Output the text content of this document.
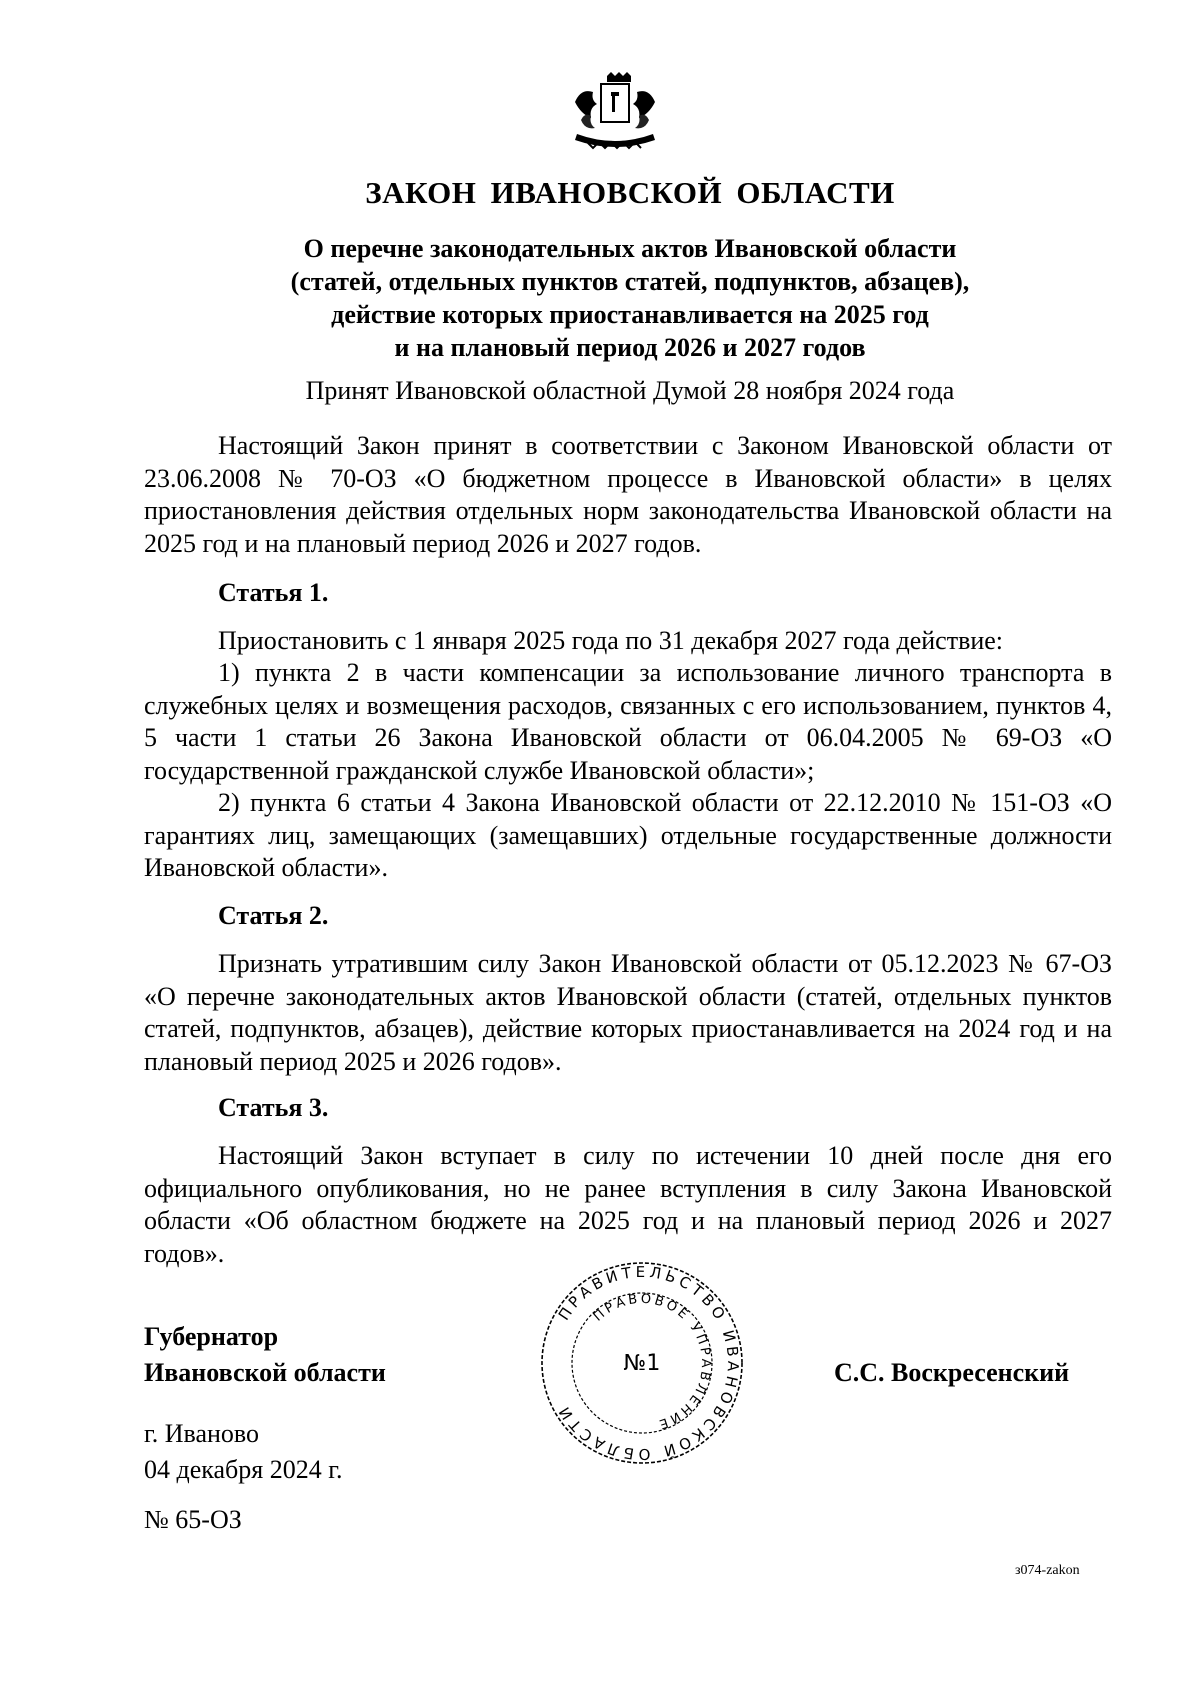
ЗАКОН ИВАНОВСКОЙ ОБЛАСТИ
О перечне законодательных актов Ивановской области
(статей, отдельных пунктов статей, подпунктов, абзацев),
действие которых приостанавливается на 2025 год
и на плановый период 2026 и 2027 годов

Принят Ивановской областной Думой 28 ноября 2024 года

Настоящий Закон принят в соответствии с Законом Ивановской области от 23.06.2008 № 70-ОЗ «О бюджетном процессе в Ивановской области» в целях приостановления действия отдельных норм законодательства Ивановской области на 2025 год и на плановый период 2026 и 2027 годов.

Статья 1.

Приостановить с 1 января 2025 года по 31 декабря 2027 года действие:

1) пункта 2 в части компенсации за использование личного транспорта в служебных целях и возмещения расходов, связанных с его использованием, пунктов 4, 5 части 1 статьи 26 Закона Ивановской области от 06.04.2005 № 69-ОЗ «О государственной гражданской службе Ивановской области»;

2) пункта 6 статьи 4 Закона Ивановской области от 22.12.2010 № 151-ОЗ «О гарантиях лиц, замещающих (замещавших) отдельные государственные должности Ивановской области».

Статья 2.

Признать утратившим силу Закон Ивановской области от 05.12.2023 № 67-ОЗ «О перечне законодательных актов Ивановской области (статей, отдельных пунктов статей, подпунктов, абзацев), действие которых приостанавливается на 2024 год и на плановый период 2025 и 2026 годов».

Статья 3.

Настоящий Закон вступает в силу по истечении 10 дней после дня его официального опубликования, но не ранее вступления в силу Закона Ивановской области «Об областном бюджете на 2025 год и на плановый период 2026 и 2027 годов».

Губернатор
Ивановской области
ПРАВИТЕЛЬСТВО ИВАНОВСКОЙ ОБЛАСТИ
ПРАВОВОЕ УПРАВЛЕНИЕ
№1	С.С. Воскресенский
г. Иваново
04 декабря 2024 г.
№ 65-ОЗ
з074-zakon
